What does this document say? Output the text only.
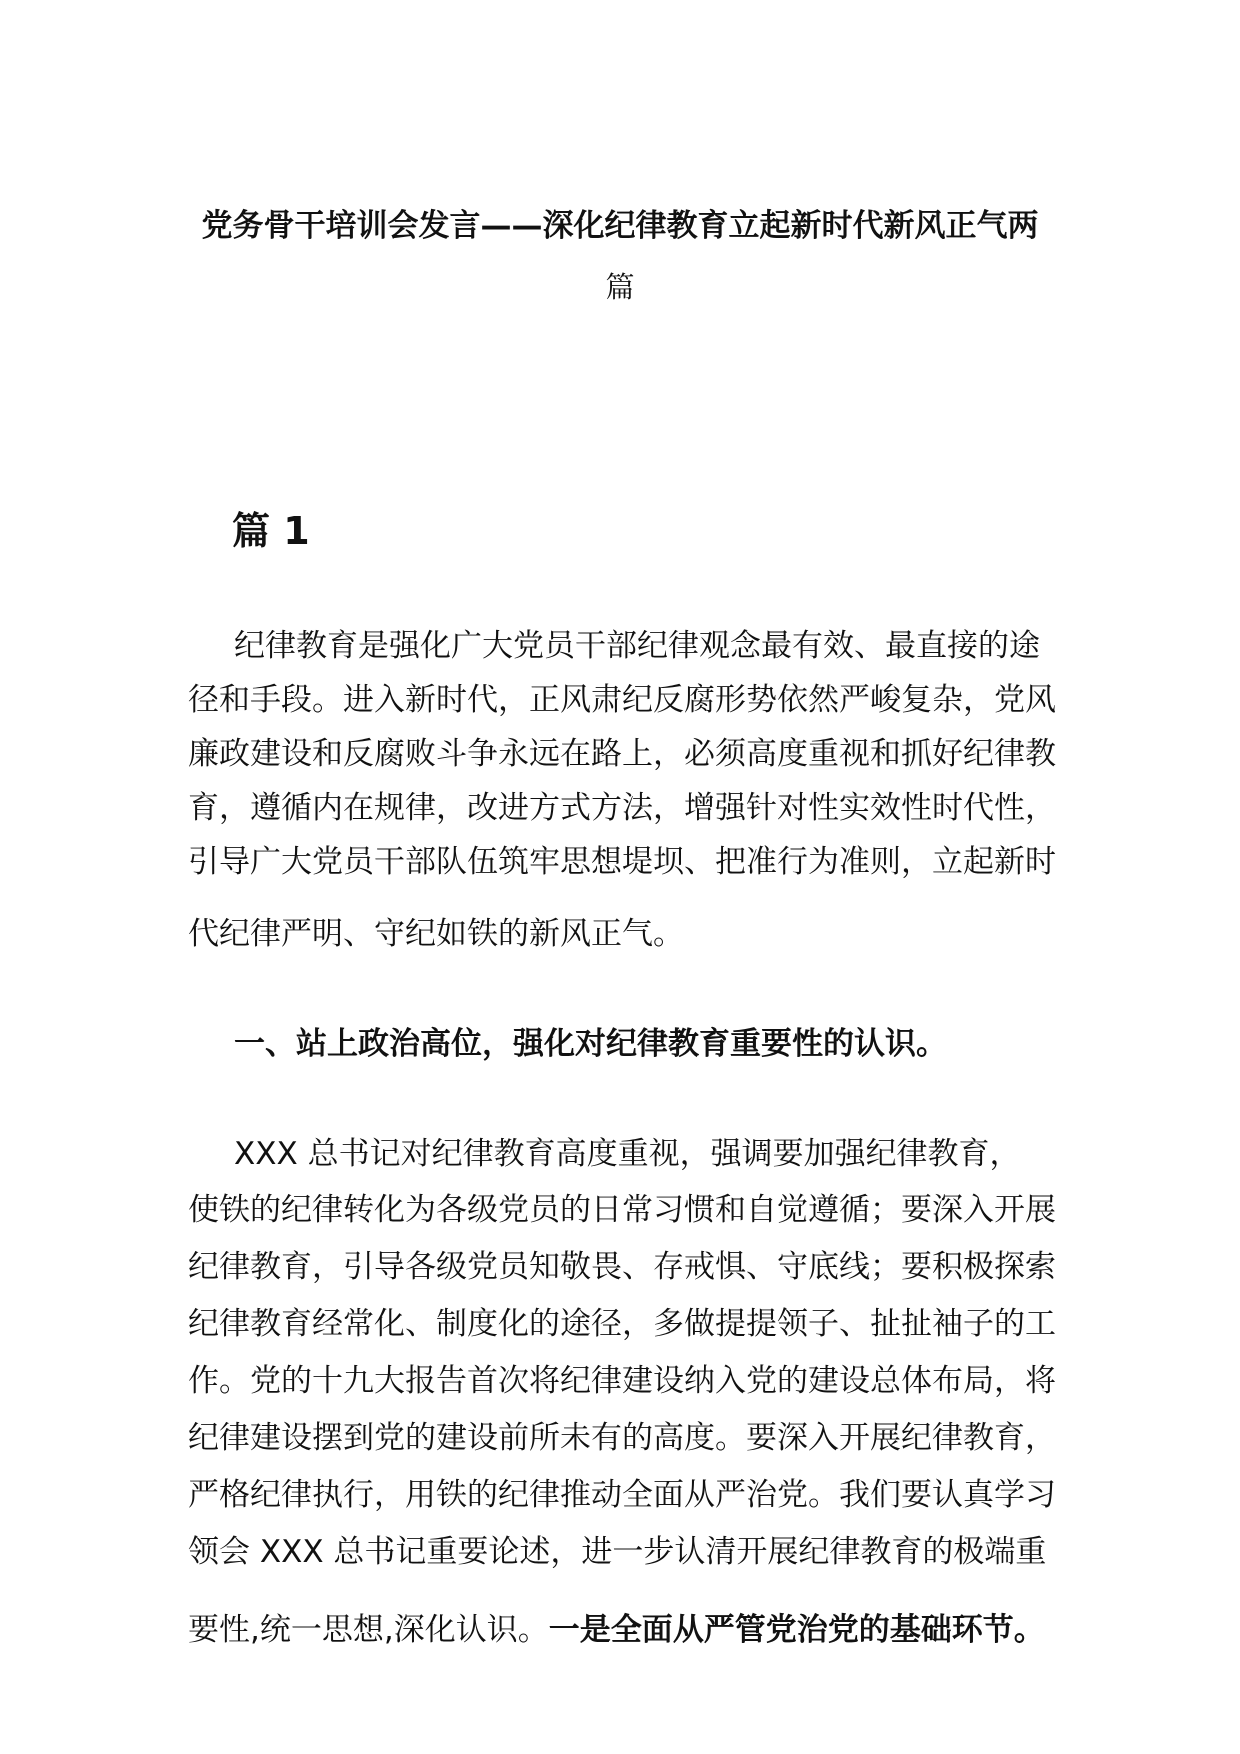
党务骨干培训会发言——深化纪律教育立起新时代新风正气两
篇
篇 1
纪律教育是强化广大党员干部纪律观念最有效、最直接的途
径和手段。进入新时代，正风肃纪反腐形势依然严峻复杂，党风
廉政建设和反腐败斗争永远在路上，必须高度重视和抓好纪律教
育，遵循内在规律，改进方式方法，增强针对性实效性时代性，
引导广大党员干部队伍筑牢思想堤坝、把准行为准则，立起新时
代纪律严明、守纪如铁的新风正气。
一、站上政治高位，强化对纪律教育重要性的认识。
XXX 总书记对纪律教育高度重视，强调要加强纪律教育，
使铁的纪律转化为各级党员的日常习惯和自觉遵循；要深入开展
纪律教育，引导各级党员知敬畏、存戒惧、守底线；要积极探索
纪律教育经常化、制度化的途径，多做提提领子、扯扯袖子的工
作。党的十九大报告首次将纪律建设纳入党的建设总体布局，将
纪律建设摆到党的建设前所未有的高度。要深入开展纪律教育，
严格纪律执行，用铁的纪律推动全面从严治党。我们要认真学习
领会 XXX 总书记重要论述，进一步认清开展纪律教育的极端重
要性,统一思想,深化认识。一是全面从严管党治党的基础环节。
